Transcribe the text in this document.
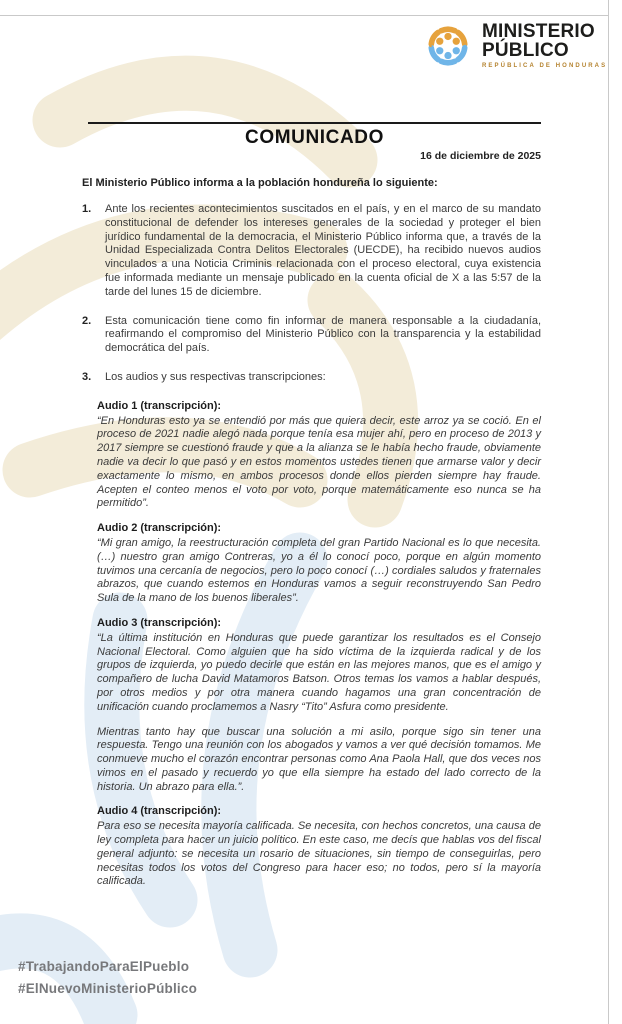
MINISTERIO
PÚBLICO
REPÚBLICA DE HONDURAS
COMUNICADO
16 de diciembre de 2025

El Ministerio Público informa a la población hondureña lo siguiente:

1.	Ante los recientes acontecimientos suscitados en el país, y en el marco de su mandato constitucional de defender los intereses generales de la sociedad y proteger el bien jurídico fundamental de la democracia, el Ministerio Público informa que, a través de la Unidad Especializada Contra Delitos Electorales (UECDE), ha recibido nuevos audios vinculados a una Noticia Criminis relacionada con el proceso electoral, cuya existencia fue informada mediante un mensaje publicado en la cuenta oficial de X a las 5:57 de la tarde del lunes 15 de diciembre.
2.	Esta comunicación tiene como fin informar de manera responsable a la ciudadanía, reafirmando el compromiso del Ministerio Público con la transparencia y la estabilidad democrática del país.
3.	Los audios y sus respectivas transcripciones:

Audio 1 (transcripción):

“En Honduras esto ya se entendió por más que quiera decir, este arroz ya se coció. En el proceso de 2021 nadie alegó nada porque tenía esa mujer ahí, pero en proceso de 2013 y 2017 siempre se cuestionó fraude y que a la alianza se le había hecho fraude, obviamente nadie va decir lo que pasó y en estos momentos ustedes tienen que armarse valor y decir exactamente lo mismo, en ambos procesos donde ellos pierden siempre hay fraude. Acepten el conteo menos el voto por voto, porque matemáticamente eso nunca se ha permitido”.

Audio 2 (transcripción):

“Mi gran amigo, la reestructuración completa del gran Partido Nacional es lo que necesita. (…) nuestro gran amigo Contreras, yo a él lo conocí poco, porque en algún momento tuvimos una cercanía de negocios, pero lo poco conocí (…) cordiales saludos y fraternales abrazos, que cuando estemos en Honduras vamos a seguir reconstruyendo San Pedro Sula de la mano de los buenos liberales”.

Audio 3 (transcripción):

“La última institución en Honduras que puede garantizar los resultados es el Consejo Nacional Electoral. Como alguien que ha sido víctima de la izquierda radical y de los grupos de izquierda, yo puedo decirle que están en las mejores manos, que es el amigo y compañero de lucha David Matamoros Batson. Otros temas los vamos a hablar después, por otros medios y por otra manera cuando hagamos una gran concentración de unificación cuando proclamemos a Nasry “Tito” Asfura como presidente.

Mientras tanto hay que buscar una solución a mi asilo, porque sigo sin tener una respuesta. Tengo una reunión con los abogados y vamos a ver qué decisión tomamos. Me conmueve mucho el corazón encontrar personas como Ana Paola Hall, que dos veces nos vimos en el pasado y recuerdo yo que ella siempre ha estado del lado correcto de la historia. Un abrazo para ella.”.

Audio 4 (transcripción):

Para eso se necesita mayoría calificada. Se necesita, con hechos concretos, una causa de ley completa para hacer un juicio político. En este caso, me decís que hablas vos del fiscal general adjunto: se necesita un rosario de situaciones, sin tiempo de conseguirlas, pero necesitas todos los votos del Congreso para hacer eso; no todos, pero sí la mayoría calificada.

#TrabajandoParaElPueblo
#ElNuevoMinisterioPúblico
